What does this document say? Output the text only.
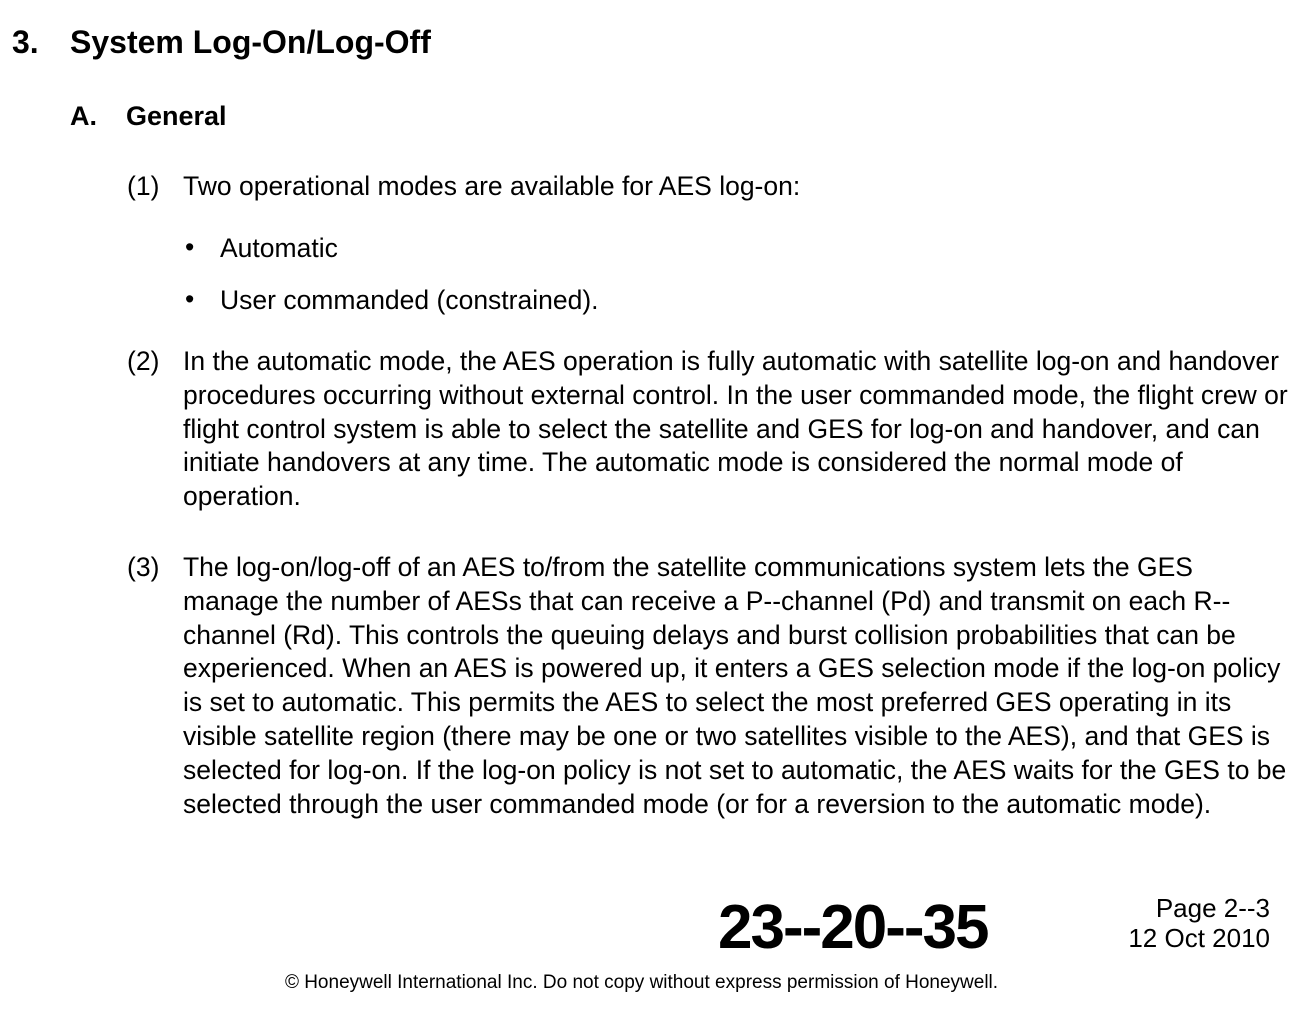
3. System Log-On/Log-Off
A. General
(1) Two operational modes are available for AES log-on:
• Automatic
• User commanded (constrained).
(2) In the automatic mode, the AES operation is fully automatic with satellite log-on and handover procedures occurring without external control. In the user commanded mode, the flight crew or flight control system is able to select the satellite and GES for log-on and handover, and can initiate handovers at any time. The automatic mode is considered the normal mode of operation.

(3) The log-on/log-off of an AES to/from the satellite communications system lets the GES manage the number of AESs that can receive a P--channel (Pd) and transmit on each R--channel (Rd). This controls the queuing delays and burst collision probabilities that can be experienced. When an AES is powered up, it enters a GES selection mode if the log-on policy is set to automatic. This permits the AES to select the most preferred GES operating in its visible satellite region (there may be one or two satellites visible to the AES), and that GES is selected for log-on. If the log-on policy is not set to automatic, the AES waits for the GES to be selected through the user commanded mode (or for a reversion to the automatic mode).

23--20--35	Page 2--3
12 Oct 2010
© Honeywell International Inc. Do not copy without express permission of Honeywell.
